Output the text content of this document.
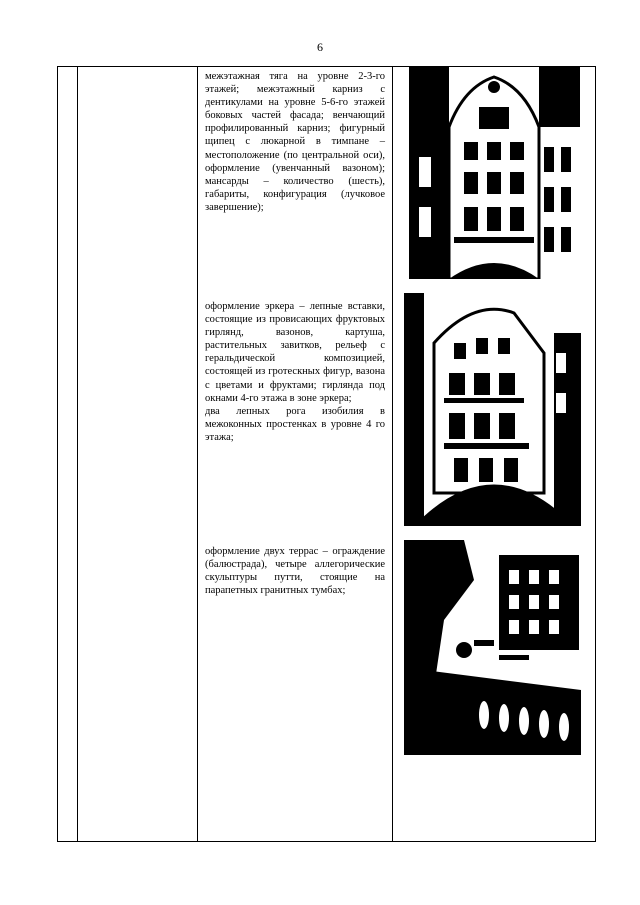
6

межэтажная тяга на уровне 2-3-го этажей; межэтажный карниз с дентикулами на уровне 5-6-го этажей боковых частей фасада; венчающий профилированный карниз; фигурный щипец с люкарной в тимпане – местоположение (по центральной оси), оформление (увенчанный вазоном); мансарды – количество (шесть), габариты, конфигурация (лучковое завершение);

оформление эркера – лепные вставки, состоящие из провисающих фруктовых гирлянд, вазонов, картуша, растительных завитков, рельеф с геральдической композицией, состоящей из гротескных фигур, вазона с цветами и фруктами; гирлянда под окнами 4-го этажа в зоне эркера;

два лепных рога изобилия в межоконных простенках в уровне 4 го этажа;

оформление двух террас – ограждение (балюстрада), четыре аллегорические скульптуры путти, стоящие на парапетных гранитных тумбах;
